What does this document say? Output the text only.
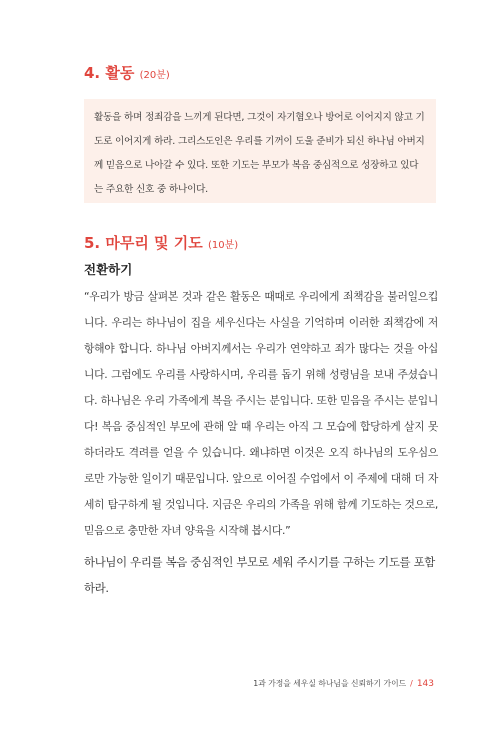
4. 활동 (20분)

활동을 하며 정죄감을 느끼게 된다면, 그것이 자기혐오나 방어로 이어지지 않고 기도로 이어지게 하라. 그리스도인은 우리를 기꺼이 도울 준비가 되신 하나님 아버지께 믿음으로 나아갈 수 있다. 또한 기도는 부모가 복음 중심적으로 성장하고 있다는 주요한 신호 중 하나이다.

5. 마무리 및 기도 (10분)
전환하기

“우리가 방금 살펴본 것과 같은 활동은 때때로 우리에게 죄책감을 불러일으킵니다. 우리는 하나님이 집을 세우신다는 사실을 기억하며 이러한 죄책감에 저항해야 합니다. 하나님 아버지께서는 우리가 연약하고 죄가 많다는 것을 아십니다. 그럼에도 우리를 사랑하시며, 우리를 돕기 위해 성령님을 보내 주셨습니다. 하나님은 우리 가족에게 복을 주시는 분입니다. 또한 믿음을 주시는 분입니다! 복음 중심적인 부모에 관해 알 때 우리는 아직 그 모습에 합당하게 살지 못하더라도 격려를 얻을 수 있습니다. 왜냐하면 이것은 오직 하나님의 도우심으로만 가능한 일이기 때문입니다. 앞으로 이어질 수업에서 이 주제에 대해 더 자세히 탐구하게 될 것입니다. 지금은 우리의 가족을 위해 함께 기도하는 것으로, 믿음으로 충만한 자녀 양육을 시작해 봅시다.”

하나님이 우리를 복음 중심적인 부모로 세워 주시기를 구하는 기도를 포함하라.

1과 가정을 세우실 하나님을 신뢰하기 가이드 / 143
